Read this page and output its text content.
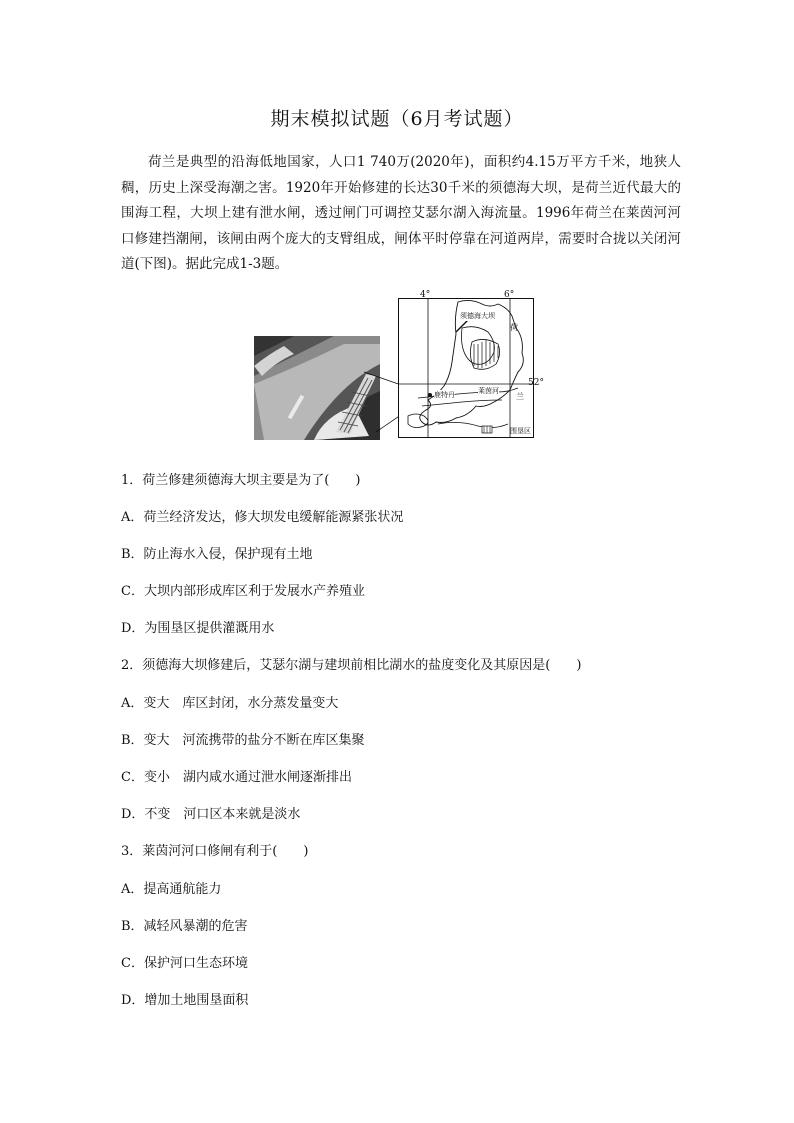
期末模拟试题（6月考试题）

荷兰是典型的沿海低地国家，人口1 740万(2020年)，面积约4.15万平方千米，地狭人稠，历史上深受海潮之害。1920年开始修建的长达30千米的须德海大坝，是荷兰近代最大的围海工程，大坝上建有泄水闸，透过闸门可调控艾瑟尔湖入海流量。1996年荷兰在莱茵河河口修建挡潮闸，该闸由两个庞大的支臂组成，闸体平时停靠在河道两岸，需要时合拢以关闭河道(下图)。据此完成1-3题。

4°	6°
52°
须德海大坝
荷
兰
鹿特丹	莱茵河
围垦区
1．荷兰修建须德海大坝主要是为了(　　)
A．荷兰经济发达，修大坝发电缓解能源紧张状况
B．防止海水入侵，保护现有土地
C．大坝内部形成库区利于发展水产养殖业
D．为围垦区提供灌溉用水
2．须德海大坝修建后，艾瑟尔湖与建坝前相比湖水的盐度变化及其原因是(　　)
A．变大　库区封闭，水分蒸发量变大
B．变大　河流携带的盐分不断在库区集聚
C．变小　湖内咸水通过泄水闸逐渐排出
D．不变　河口区本来就是淡水
3．莱茵河河口修闸有利于(　　)
A．提高通航能力
B．减轻风暴潮的危害
C．保护河口生态环境
D．增加土地围垦面积
